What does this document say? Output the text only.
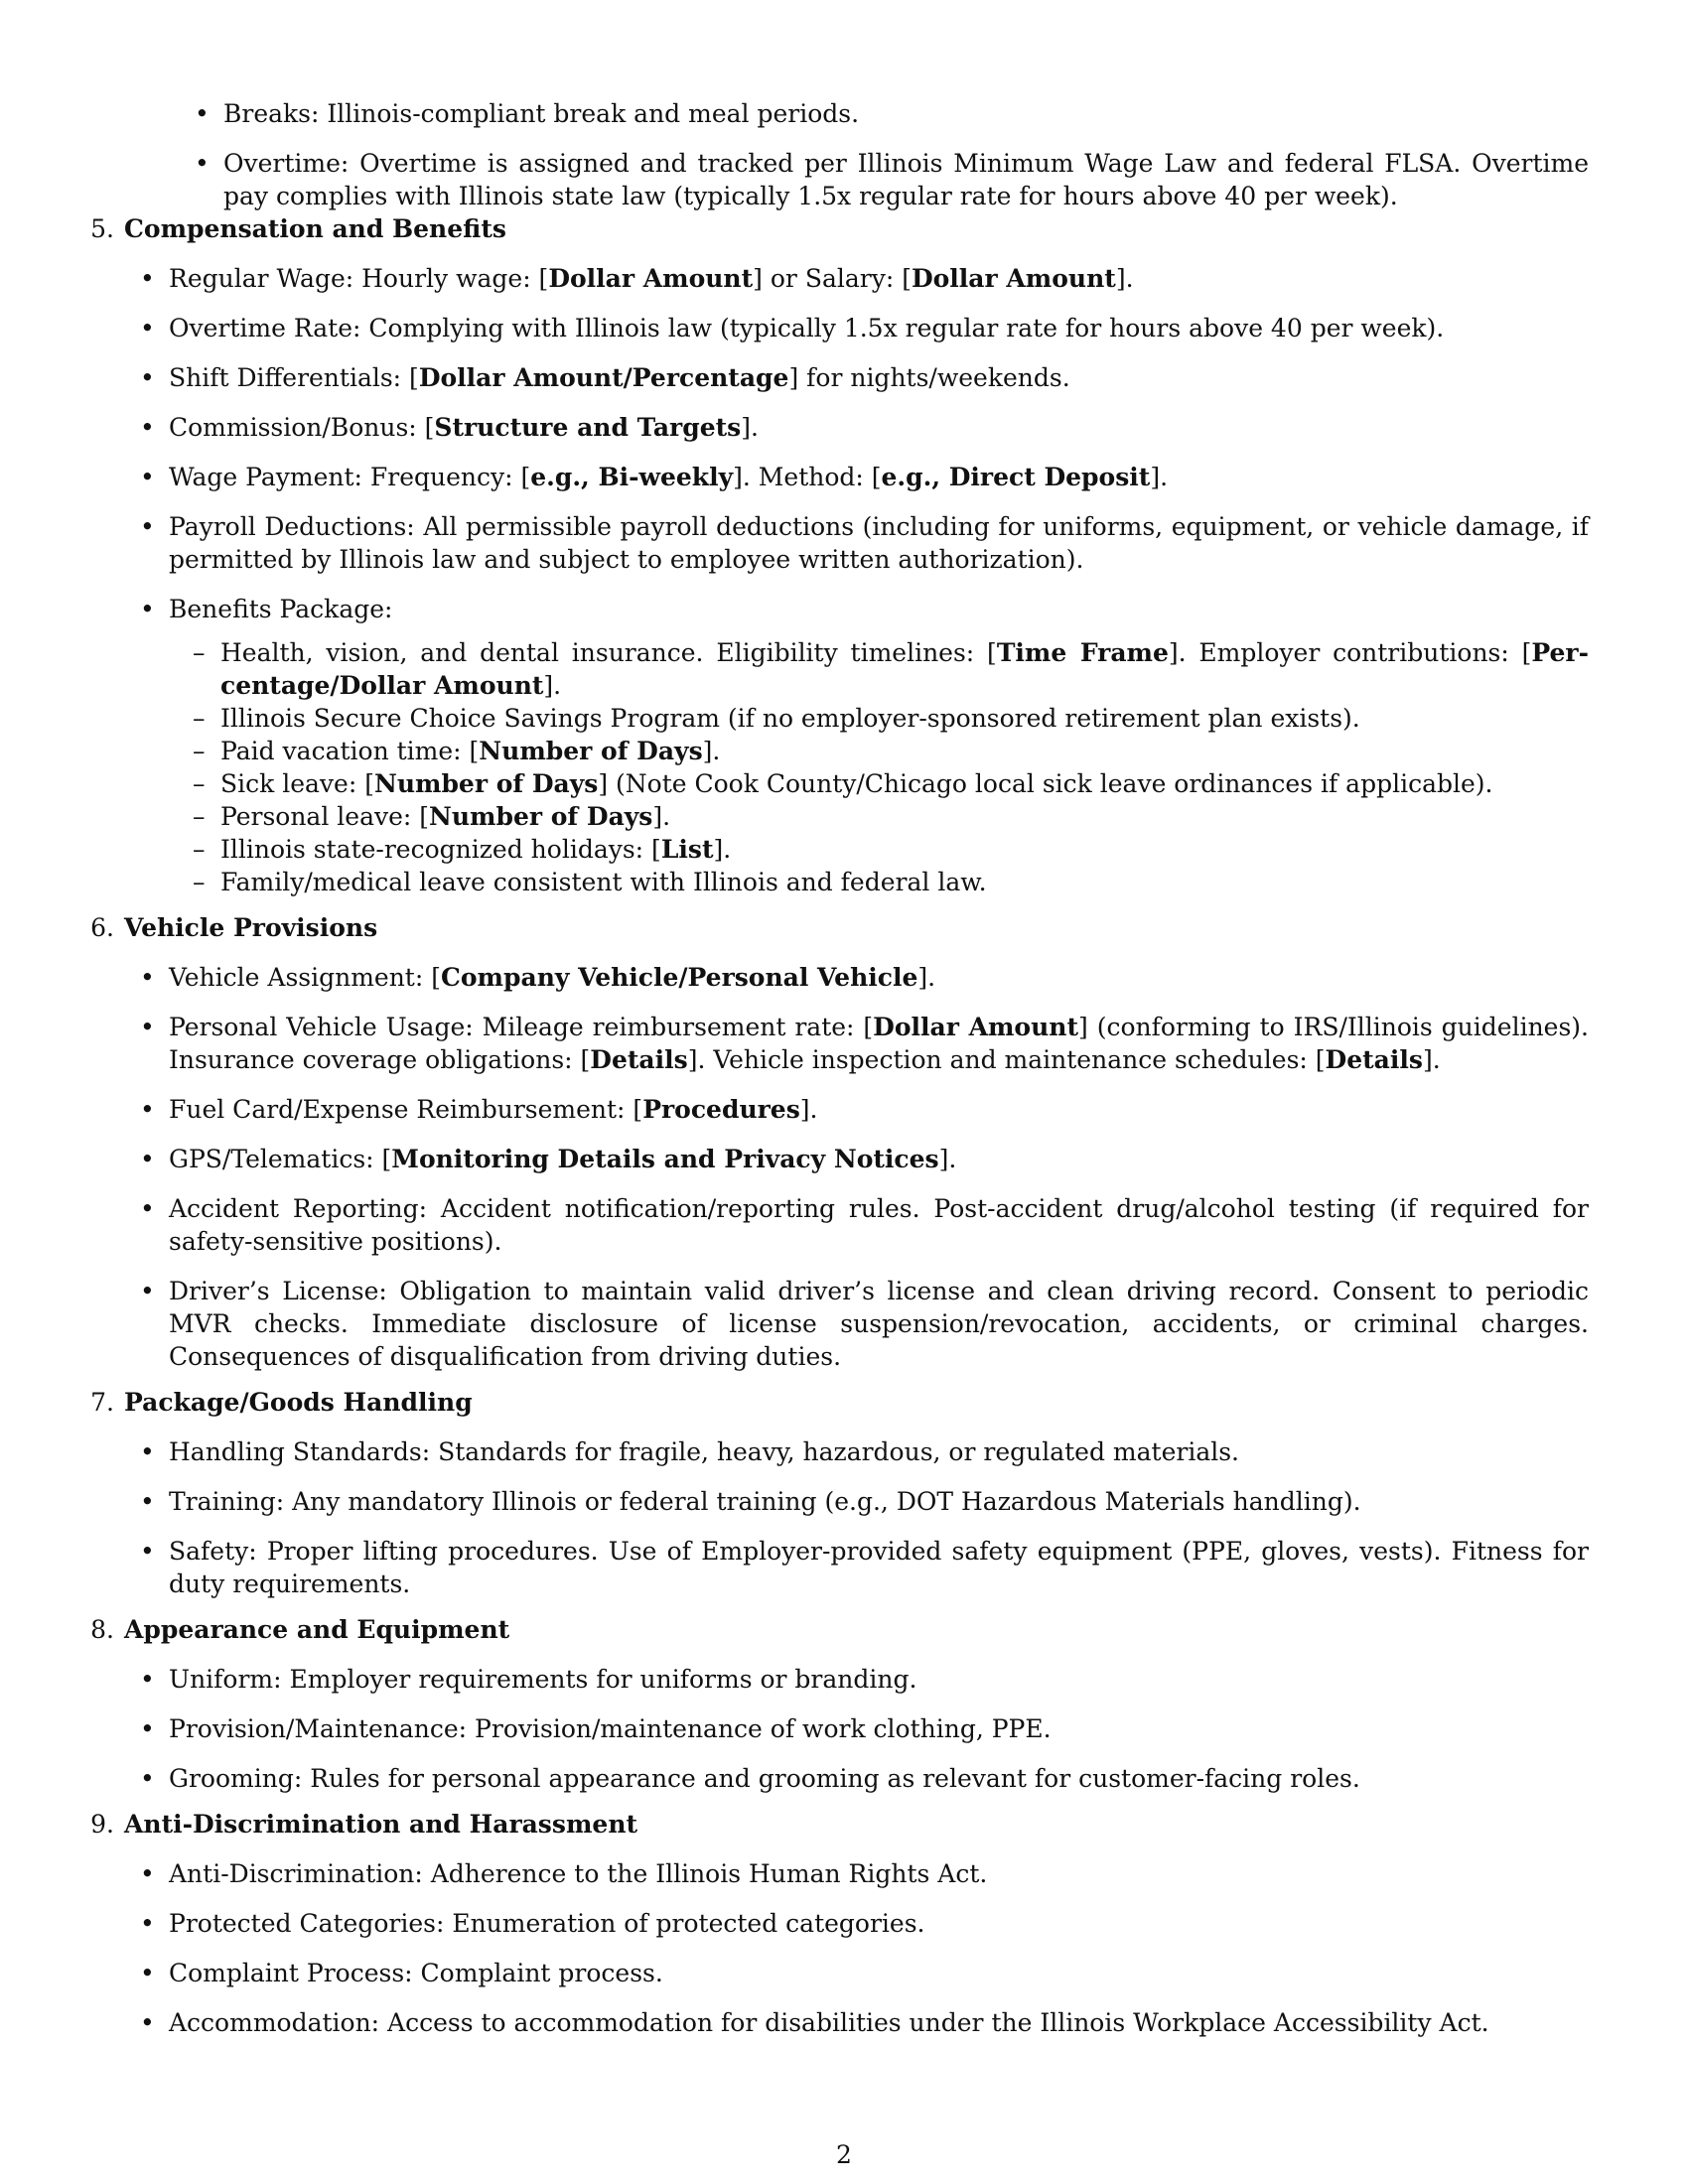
• Breaks: Illinois-compliant break and meal periods.
• Overtime: Overtime is assigned and tracked per Illinois Minimum Wage Law and federal FLSA. Overtime pay complies with Illinois state law (typically 1.5x regular rate for hours above 40 per week).
5. Compensation and Benefits
• Regular Wage: Hourly wage: [Dollar Amount] or Salary: [Dollar Amount].
• Overtime Rate: Complying with Illinois law (typically 1.5x regular rate for hours above 40 per week).
• Shift Differentials: [Dollar Amount/Percentage] for nights/weekends.
• Commission/Bonus: [Structure and Targets].
• Wage Payment: Frequency: [e.g., Bi-weekly]. Method: [e.g., Direct Deposit].
• Payroll Deductions: All permissible payroll deductions (including for uniforms, equipment, or vehicle damage, if permitted by Illinois law and subject to employee written authorization).
• Benefits Package:
– Health, vision, and dental insurance. Eligibility timelines: [Time Frame]. Employer contributions: [Percentage/Dollar Amount].
– Illinois Secure Choice Savings Program (if no employer-sponsored retirement plan exists).
– Paid vacation time: [Number of Days].
– Sick leave: [Number of Days] (Note Cook County/Chicago local sick leave ordinances if applicable).
– Personal leave: [Number of Days].
– Illinois state-recognized holidays: [List].
– Family/medical leave consistent with Illinois and federal law.
6. Vehicle Provisions
• Vehicle Assignment: [Company Vehicle/Personal Vehicle].
• Personal Vehicle Usage: Mileage reimbursement rate: [Dollar Amount] (conforming to IRS/Illinois guidelines). Insurance coverage obligations: [Details]. Vehicle inspection and maintenance schedules: [Details].
• Fuel Card/Expense Reimbursement: [Procedures].
• GPS/Telematics: [Monitoring Details and Privacy Notices].
• Accident Reporting: Accident notification/reporting rules. Post-accident drug/alcohol testing (if required for safety-sensitive positions).
• Driver’s License: Obligation to maintain valid driver’s license and clean driving record. Consent to periodic MVR checks. Immediate disclosure of license suspension/revocation, accidents, or criminal charges. Consequences of disqualification from driving duties.
7. Package/Goods Handling
• Handling Standards: Standards for fragile, heavy, hazardous, or regulated materials.
• Training: Any mandatory Illinois or federal training (e.g., DOT Hazardous Materials handling).
• Safety: Proper lifting procedures. Use of Employer-provided safety equipment (PPE, gloves, vests). Fitness for duty requirements.
8. Appearance and Equipment
• Uniform: Employer requirements for uniforms or branding.
• Provision/Maintenance: Provision/maintenance of work clothing, PPE.
• Grooming: Rules for personal appearance and grooming as relevant for customer-facing roles.
9. Anti-Discrimination and Harassment
• Anti-Discrimination: Adherence to the Illinois Human Rights Act.
• Protected Categories: Enumeration of protected categories.
• Complaint Process: Complaint process.
• Accommodation: Access to accommodation for disabilities under the Illinois Workplace Accessibility Act.
2
